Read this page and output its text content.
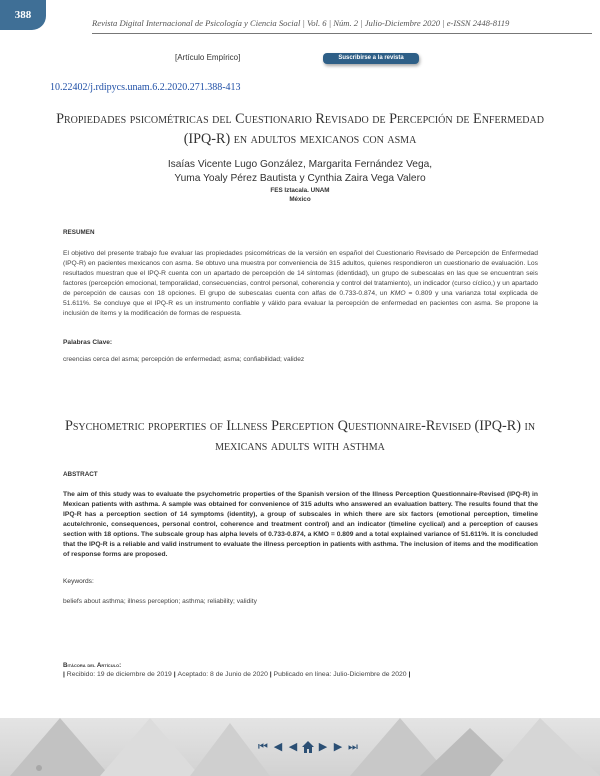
388
Revista Digital Internacional de Psicología y Ciencia Social | Vol. 6 | Núm. 2 | Julio-Diciembre 2020 | e-ISSN 2448-8119
[Artículo Empírico]	Suscribirse a la revista
10.22402/j.rdipycs.unam.6.2.2020.271.388-413
Propiedades psicométricas del Cuestionario Revisado de Percepción de Enfermedad (IPQ-R) en adultos mexicanos con asma
Isaías Vicente Lugo González, Margarita Fernández Vega,
Yuma Yoaly Pérez Bautista y Cynthia Zaira Vega Valero
FES Iztacala. UNAM
México
RESUMEN

El objetivo del presente trabajo fue evaluar las propiedades psicométricas de la versión en español del Cuestionario Revisado de Percepción de Enfermedad (IPQ-R) en pacientes mexicanos con asma. Se obtuvo una muestra por conveniencia de 315 adultos, quienes respondieron un cuestionario de evaluación. Los resultados muestran que el IPQ-R cuenta con un apartado de percepción de 14 síntomas (identidad), un grupo de subescalas en las que se encuentran seis factores (percepción emocional, temporalidad, consecuencias, control personal, coherencia y control del tratamiento), un indicador (curso cíclico,) y un apartado de percepción de causas con 18 opciones. El grupo de subescalas cuenta con alfas de 0.733-0.874, un KMO = 0.809 y una varianza total explicada de 51.611%. Se concluye que el IPQ-R es un instrumento confiable y válido para evaluar la percepción de enfermedad en pacientes con asma. Se propone la inclusión de ítems y la modificación de formas de respuesta.

Palabras Clave:
creencias cerca del asma; percepción de enfermedad; asma; confiabilidad; validez
Psychometric properties of Illness Perception Questionnaire-Revised (IPQ-R) in mexicans adults with asthma
ABSTRACT

The aim of this study was to evaluate the psychometric properties of the Spanish version of the Illness Perception Questionnaire-Revised (IPQ-R) in Mexican patients with asthma. A sample was obtained for convenience of 315 adults who answered an evaluation battery. The results found that the IPQ-R has a perception section of 14 symptoms (identity), a group of subscales in which there are six factors (emotional perception, timeline acute/chronic, consequences, personal control, coherence and treatment control) and an indicator (timeline cyclical) and a perception of causes section with 18 options. The subscale group has alpha levels of 0.733-0.874, a KMO = 0.809 and a total explained variance of 51.611%. It is concluded that the IPQ-R is a reliable and valid instrument to evaluate the illness perception in patients with asthma. The inclusion of items and the modification of response forms are proposed.

Keywords:
beliefs about asthma; illness perception; asthma; reliability; validity
Bitácora del Artículo:
| Recibido: 19 de diciembre de 2019 | Aceptado: 8 de Junio de 2020 | Publicado en línea: Julio-Diciembre de 2020 |
⏮ ◀ ◀ ▶ ▶ ⏭
